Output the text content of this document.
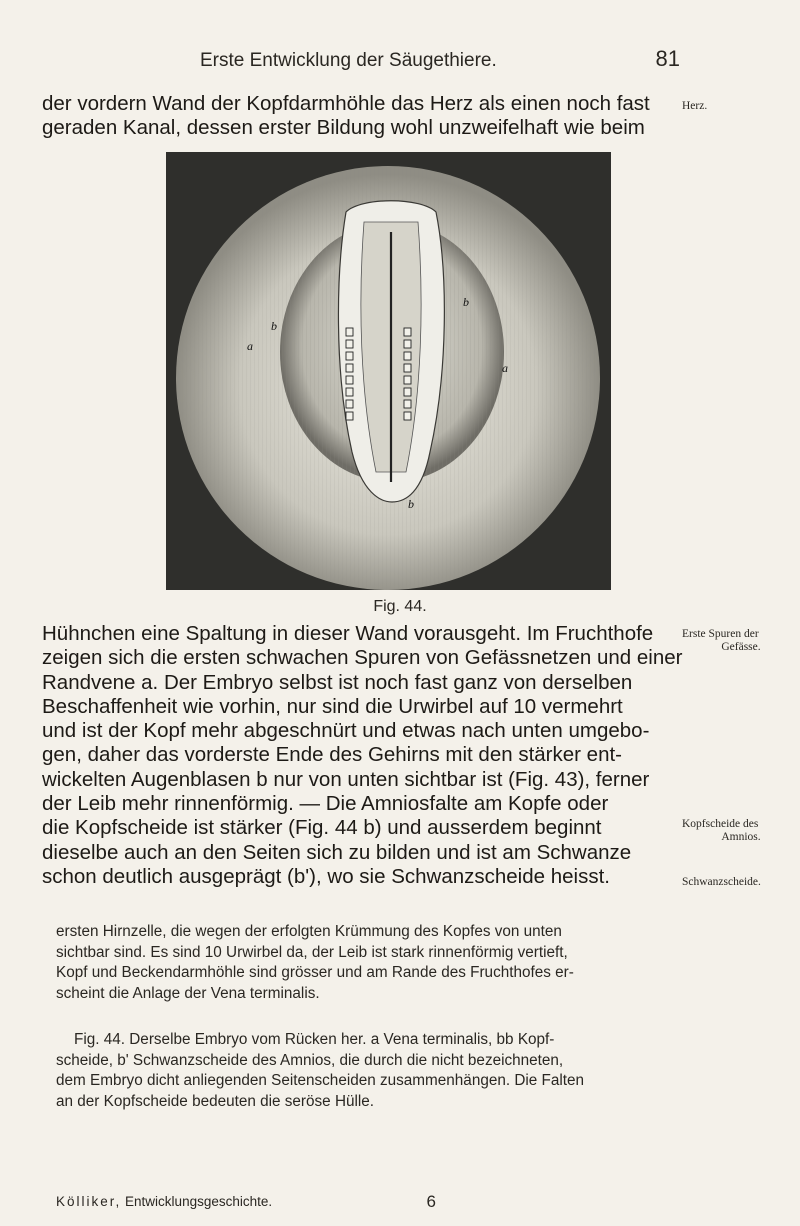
Erste Entwicklung der Säugethiere.	81

der vordern Wand der Kopfdarmhöhle das Herz als einen noch fast
geraden Kanal, dessen erster Bildung wohl unzweifelhaft wie beim

Herz.
b
a
b
a
b
Fig. 44.

Hühnchen eine Spaltung in dieser Wand vorausgeht. Im Fruchthofe
zeigen sich die ersten schwachen Spuren von Gefässnetzen und einer
Randvene a. Der Embryo selbst ist noch fast ganz von derselben
Beschaffenheit wie vorhin, nur sind die Urwirbel auf 10 vermehrt
und ist der Kopf mehr abgeschnürt und etwas nach unten umgebo-
gen, daher das vorderste Ende des Gehirns mit den stärker ent-
wickelten Augenblasen b nur von unten sichtbar ist (Fig. 43), ferner
der Leib mehr rinnenförmig. — Die Amniosfalte am Kopfe oder
die Kopfscheide ist stärker (Fig. 44 b) und ausserdem beginnt
dieselbe auch an den Seiten sich zu bilden und ist am Schwanze
schon deutlich ausgeprägt (b'), wo sie Schwanzscheide heisst.

Erste Spuren der

Gefässe.
Kopfscheide des

Amnios.
Schwanzscheide.

ersten Hirnzelle, die wegen der erfolgten Krümmung des Kopfes von unten
sichtbar sind. Es sind 10 Urwirbel da, der Leib ist stark rinnenförmig vertieft,
Kopf und Beckendarmhöhle sind grösser und am Rande des Fruchthofes er-
scheint die Anlage der Vena terminalis.

Fig. 44. Derselbe Embryo vom Rücken her. a Vena terminalis, bb Kopf-
scheide, b' Schwanzscheide des Amnios, die durch die nicht bezeichneten,
dem Embryo dicht anliegenden Seitenscheiden zusammenhängen. Die Falten
an der Kopfscheide bedeuten die seröse Hülle.

Kölliker, Entwicklungsgeschichte.	6
